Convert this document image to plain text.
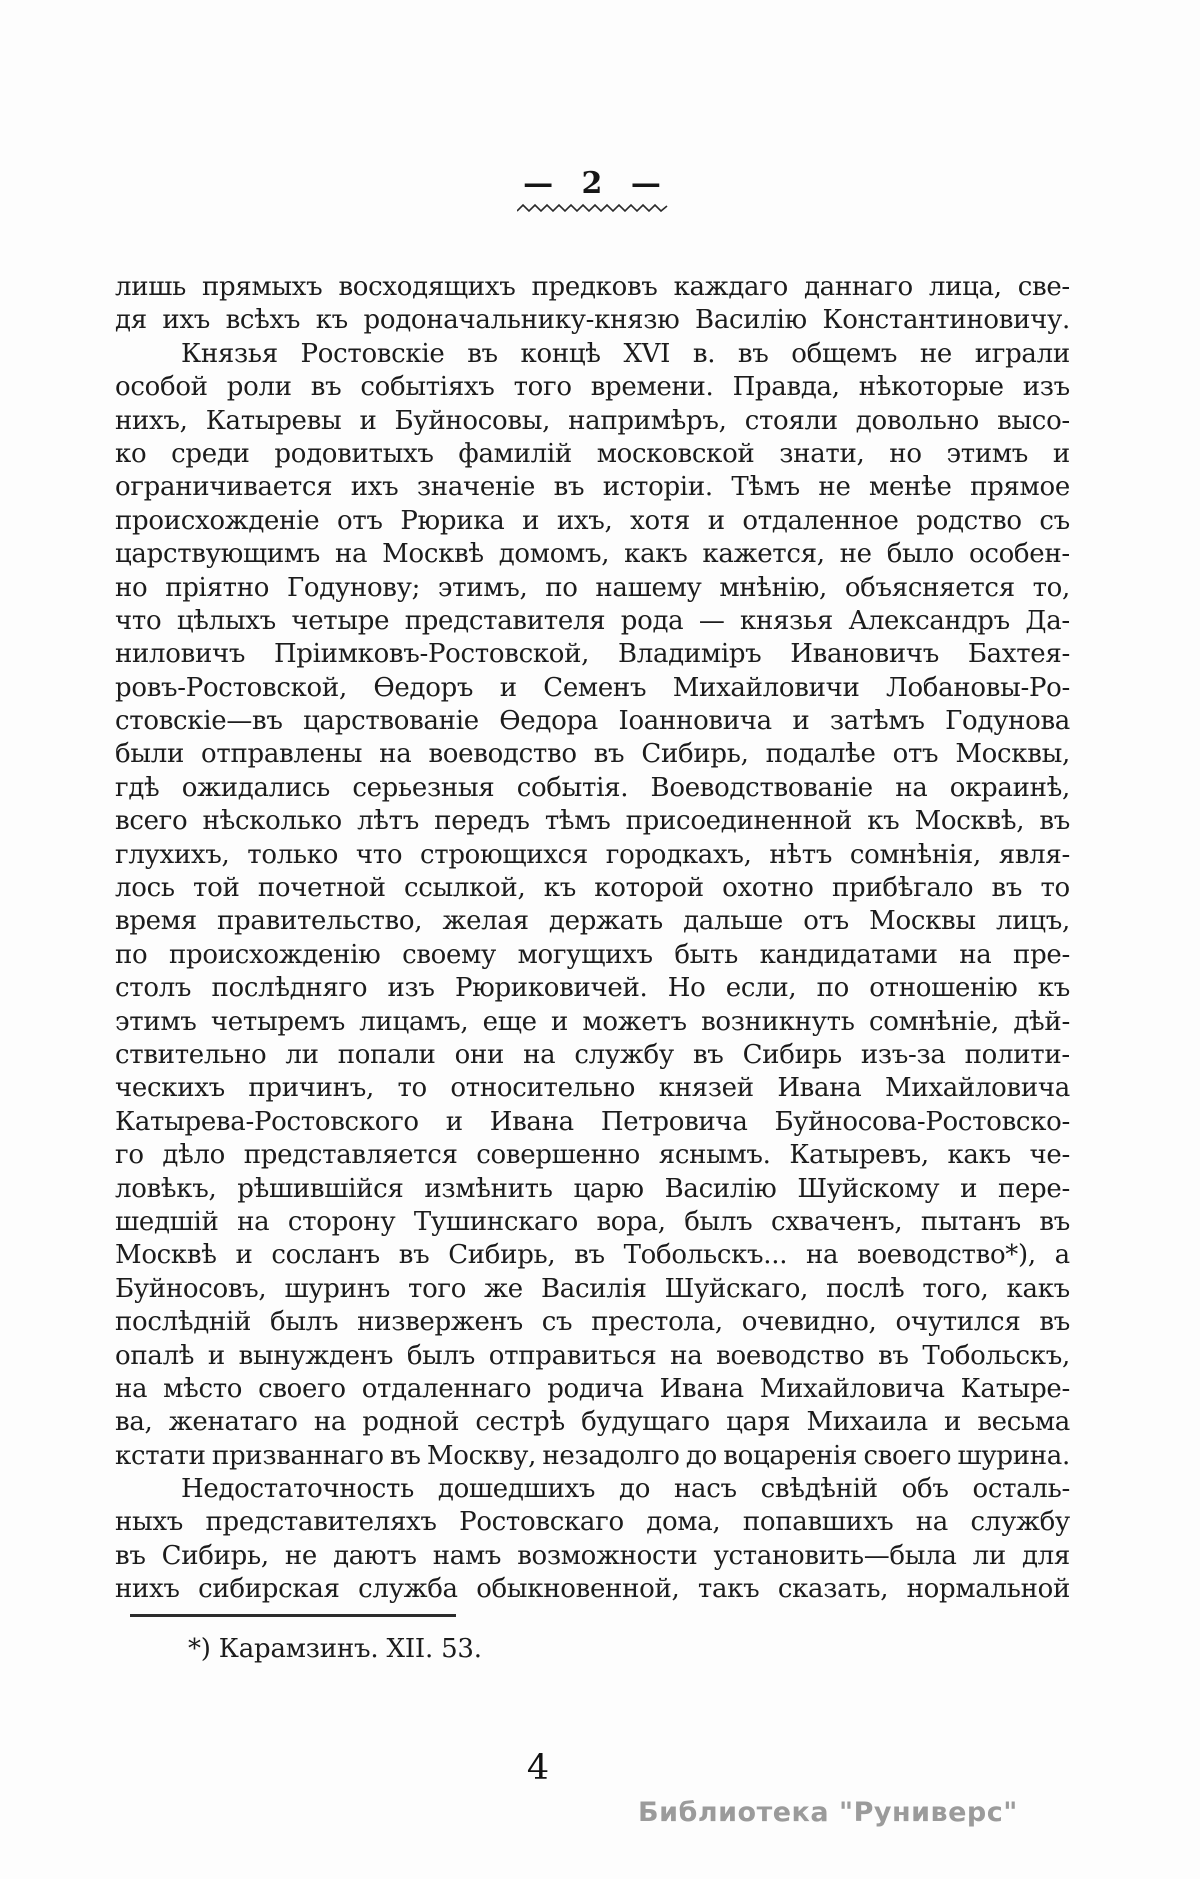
— 2 —
лишь прямыхъ восходящихъ предковъ каждаго даннаго лица, све-
дя ихъ всѣхъ къ родоначальнику-князю Василію Константиновичу.
Князья Ростовскіе въ концѣ XVI в. въ общемъ не играли
особой роли въ событіяхъ того времени. Правда, нѣкоторые изъ
нихъ, Катыревы и Буйносовы, напримѣръ, стояли довольно высо-
ко среди родовитыхъ фамилій московской знати, но этимъ и
ограничивается ихъ значеніе въ исторіи. Тѣмъ не менѣе прямое
происхожденіе отъ Рюрика и ихъ, хотя и отдаленное родство съ
царствующимъ на Москвѣ домомъ, какъ кажется, не было особен-
но пріятно Годунову; этимъ, по нашему мнѣнію, объясняется то,
что цѣлыхъ четыре представителя рода — князья Александръ Да-
ниловичъ Пріимковъ-Ростовской, Владиміръ Ивановичъ Бахтея-
ровъ-Ростовской, Ѳедоръ и Семенъ Михайловичи Лобановы-Ро-
стовскіе—въ царствованіе Ѳедора Іоанновича и затѣмъ Годунова
были отправлены на воеводство въ Сибирь, подалѣе отъ Москвы,
гдѣ ожидались серьезныя событія. Воеводствованіе на окраинѣ,
всего нѣсколько лѣтъ передъ тѣмъ присоединенной къ Москвѣ, въ
глухихъ, только что строющихся городкахъ, нѣтъ сомнѣнія, явля-
лось той почетной ссылкой, къ которой охотно прибѣгало въ то
время правительство, желая держать дальше отъ Москвы лицъ,
по происхожденію своему могущихъ быть кандидатами на пре-
столъ послѣдняго изъ Рюриковичей. Но если, по отношенію къ
этимъ четыремъ лицамъ, еще и можетъ возникнуть сомнѣніе, дѣй-
ствительно ли попали они на службу въ Сибирь изъ-за полити-
ческихъ причинъ, то относительно князей Ивана Михайловича
Катырева-Ростовского и Ивана Петровича Буйносова-Ростовско-
го дѣло представляется совершенно яснымъ. Катыревъ, какъ че-
ловѣкъ, рѣшившійся измѣнить царю Василію Шуйскому и пере-
шедшій на сторону Тушинскаго вора, былъ схваченъ, пытанъ въ
Москвѣ и сосланъ въ Сибирь, въ Тобольскъ... на воеводство*), а
Буйносовъ, шуринъ того же Василія Шуйскаго, послѣ того, какъ
послѣдній былъ низверженъ съ престола, очевидно, очутился въ
опалѣ и вынужденъ былъ отправиться на воеводство въ Тобольскъ,
на мѣсто своего отдаленнаго родича Ивана Михайловича Катыре-
ва, женатаго на родной сестрѣ будущаго царя Михаила и весьма
кстати призваннаго въ Москву, незадолго до воцаренія своего шурина.
Недостаточность дошедшихъ до насъ свѣдѣній объ осталь-
ныхъ представителяхъ Ростовскаго дома, попавшихъ на службу
въ Сибирь, не даютъ намъ возможности установить—была ли для
нихъ сибирская служба обыкновенной, такъ сказать, нормальной
*) Карамзинъ. XII. 53.
4
Библиотека "Руниверс"
